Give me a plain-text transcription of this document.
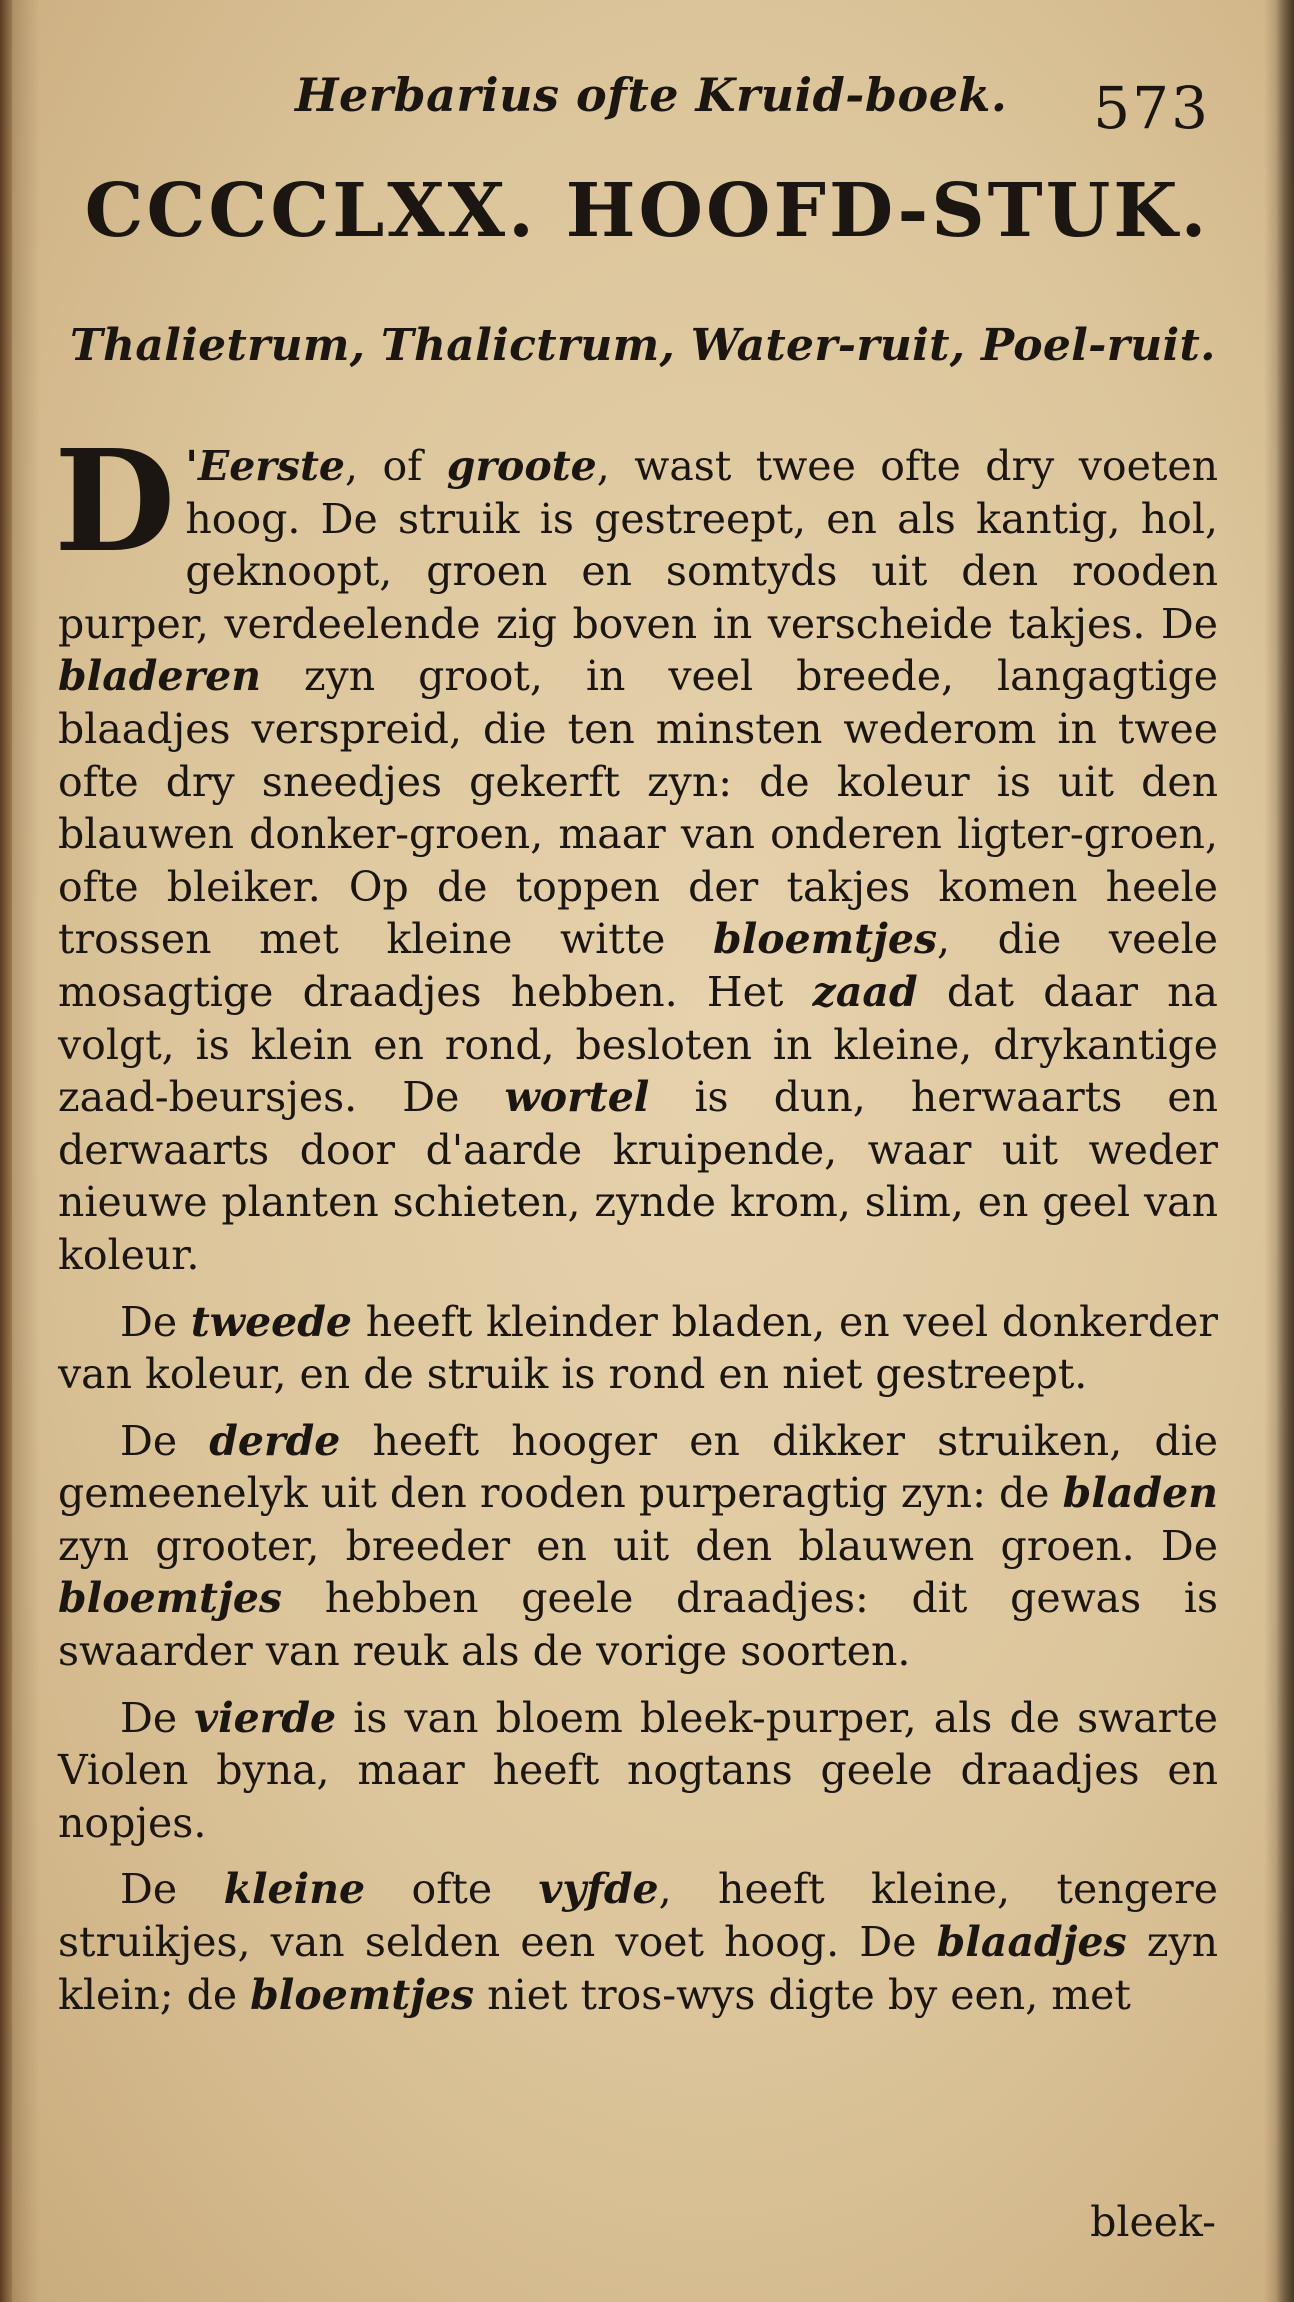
Herbarius ofte Kruid-boek. 573
CCCCLXX. HOOFD-STUK.
Thalietrum, Thalictrum, Water-ruit, Poel-ruit.

D 'Eerste, of groote, wast twee ofte dry voeten hoog. De struik is gestreept, en als kantig, hol, geknoopt, groen en somtyds uit den rooden purper, verdeelende zig boven in verscheide takjes. De bladeren zyn groot, in veel breede, langagtige blaadjes verspreid, die ten minsten wederom in twee ofte dry sneedjes gekerft zyn: de koleur is uit den blauwen donker-groen, maar van onderen ligter-groen, ofte bleiker. Op de toppen der takjes komen heele trossen met kleine witte bloemtjes, die veele mosagtige draadjes hebben. Het zaad dat daar na volgt, is klein en rond, besloten in kleine, drykantige zaad-beursjes. De wortel is dun, herwaarts en derwaarts door d'aarde kruipende, waar uit weder nieuwe planten schieten, zynde krom, slim, en geel van koleur.

De tweede heeft kleinder bladen, en veel donkerder van koleur, en de struik is rond en niet gestreept.

De derde heeft hooger en dikker struiken, die gemeenelyk uit den rooden purperagtig zyn: de bladen zyn grooter, breeder en uit den blauwen groen. De bloemtjes hebben geele draadjes: dit gewas is swaarder van reuk als de vorige soorten.

De vierde is van bloem bleek-purper, als de swarte Violen byna, maar heeft nogtans geele draadjes en nopjes.

De kleine ofte vyfde, heeft kleine, tengere struikjes, van selden een voet hoog. De blaadjes zyn klein; de bloemtjes niet tros-wys digte by een, met

bleek-
